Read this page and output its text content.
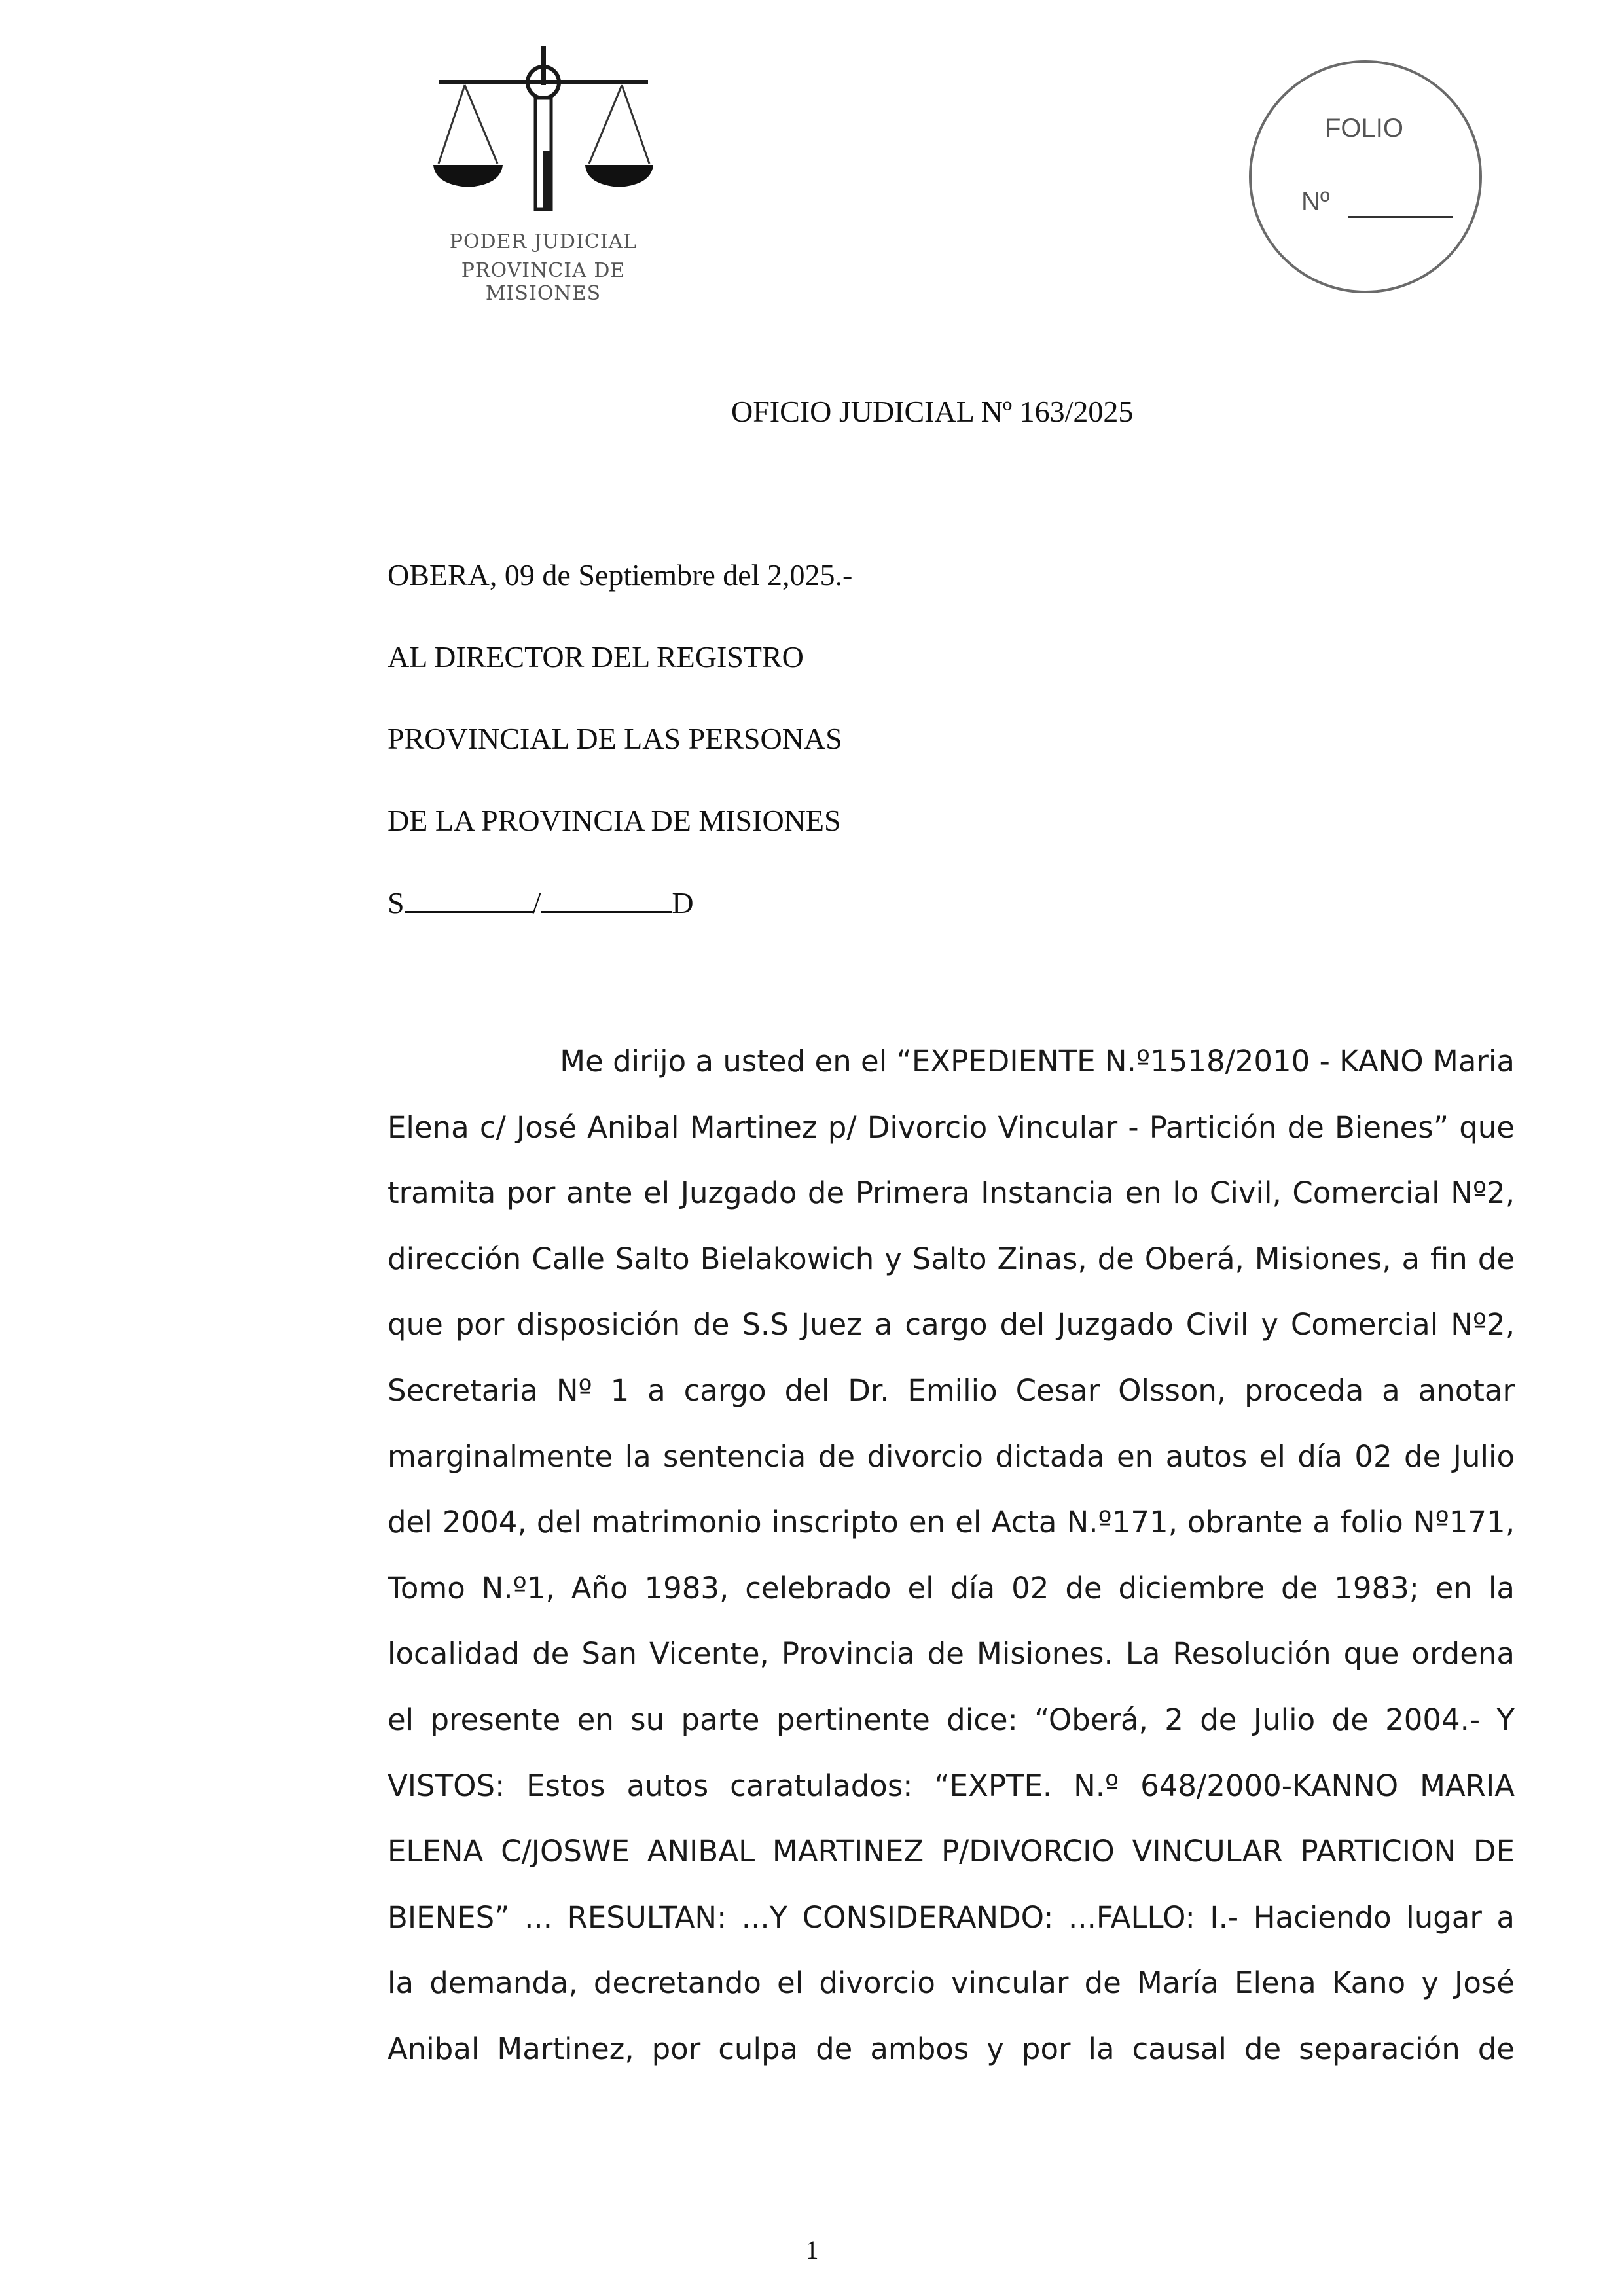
PODER JUDICIAL
PROVINCIA DE MISIONES
FOLIO
Nº
OFICIO JUDICIAL Nº 163/2025
OBERA, 09 de Septiembre del 2,025.-
AL DIRECTOR DEL REGISTRO
PROVINCIAL DE LAS PERSONAS
DE LA PROVINCIA DE MISIONES
S	/	D
Me dirijo a usted en el “EXPEDIENTE N.º1518/2010 - KANO Maria
Elena c/ José Anibal Martinez p/ Divorcio Vincular - Partición de Bienes” que
tramita por ante el Juzgado de Primera Instancia en lo Civil, Comercial Nº2,
dirección Calle Salto Bielakowich y Salto Zinas, de Oberá, Misiones, a fin de
que por disposición de S.S Juez a cargo del Juzgado Civil y Comercial Nº2,
Secretaria Nº 1 a cargo del Dr. Emilio Cesar Olsson, proceda a anotar
marginalmente la sentencia de divorcio dictada en autos el día 02 de Julio
del 2004, del matrimonio inscripto en el Acta N.º171, obrante a folio Nº171,
Tomo N.º1, Año 1983, celebrado el día 02 de diciembre de 1983; en la
localidad de San Vicente, Provincia de Misiones. La Resolución que ordena
el presente en su parte pertinente dice: “Oberá, 2 de Julio de 2004.- Y
VISTOS: Estos autos caratulados: “EXPTE. N.º 648/2000-KANNO MARIA
ELENA C/JOSWE ANIBAL MARTINEZ P/DIVORCIO VINCULAR PARTICION DE
BIENES” ... RESULTAN: ...Y CONSIDERANDO: ...FALLO: I.- Haciendo lugar a
la demanda, decretando el divorcio vincular de María Elena Kano y José
Anibal Martinez, por culpa de ambos y por la causal de separación de
1
